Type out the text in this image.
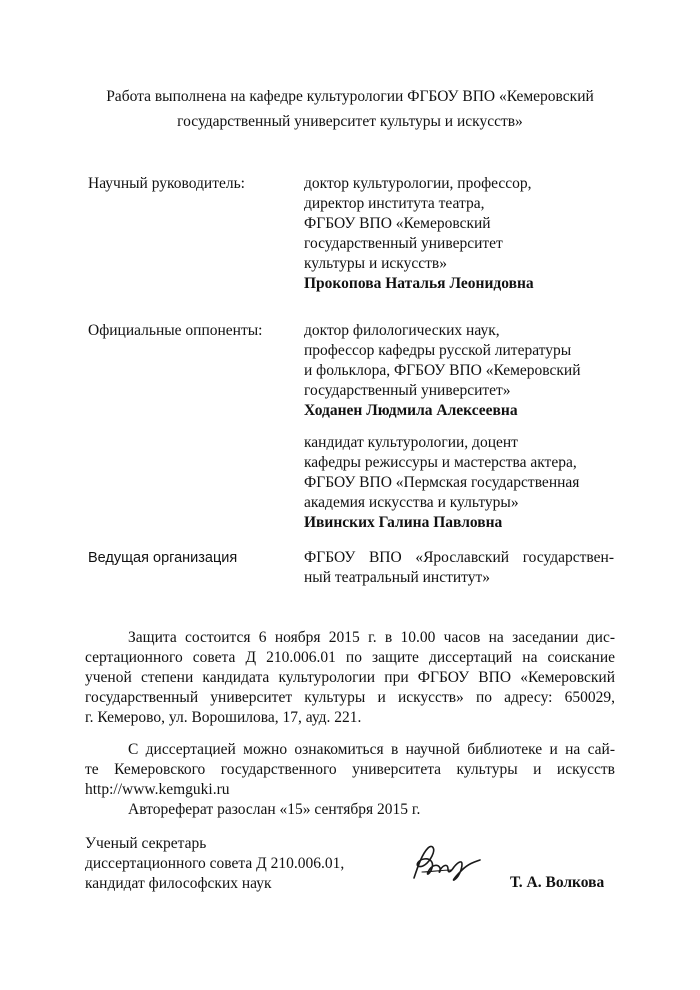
Работа выполнена на кафедре культурологии ФГБОУ ВПО «Кемеровский
государственный университет культуры и искусств»
Научный руководитель:	доктор культурологии, профессор,
директор института театра,
ФГБОУ ВПО «Кемеровский
государственный университет
культуры и искусств»
Прокопова Наталья Леонидовна
Официальные оппоненты:	доктор филологических наук,
профессор кафедры русской литературы
и фольклора, ФГБОУ ВПО «Кемеровский
государственный университет»
Ходанен Людмила Алексеевна
кандидат культурологии, доцент
кафедры режиссуры и мастерства актера,
ФГБОУ ВПО «Пермская государственная
академия искусства и культуры»
Ивинских Галина Павловна
Ведущая организация	ФГБОУ ВПО «Ярославский государствен-
ный театральный институт»
Защита состоится 6 ноября 2015 г. в 10.00 часов на заседании дис-
сертационного совета Д 210.006.01 по защите диссертаций на соискание
ученой степени кандидата культурологии при ФГБОУ ВПО «Кемеровский
государственный университет культуры и искусств» по адресу: 650029,
г. Кемерово, ул. Ворошилова, 17, ауд. 221.
С диссертацией можно ознакомиться в научной библиотеке и на сай-
те Кемеровского государственного университета культуры и искусств
http://www.kemguki.ru
Автореферат разослан «15» сентября 2015 г.
Ученый секретарь
диссертационного совета Д 210.006.01,
кандидат философских наук	Т. А. Волкова
